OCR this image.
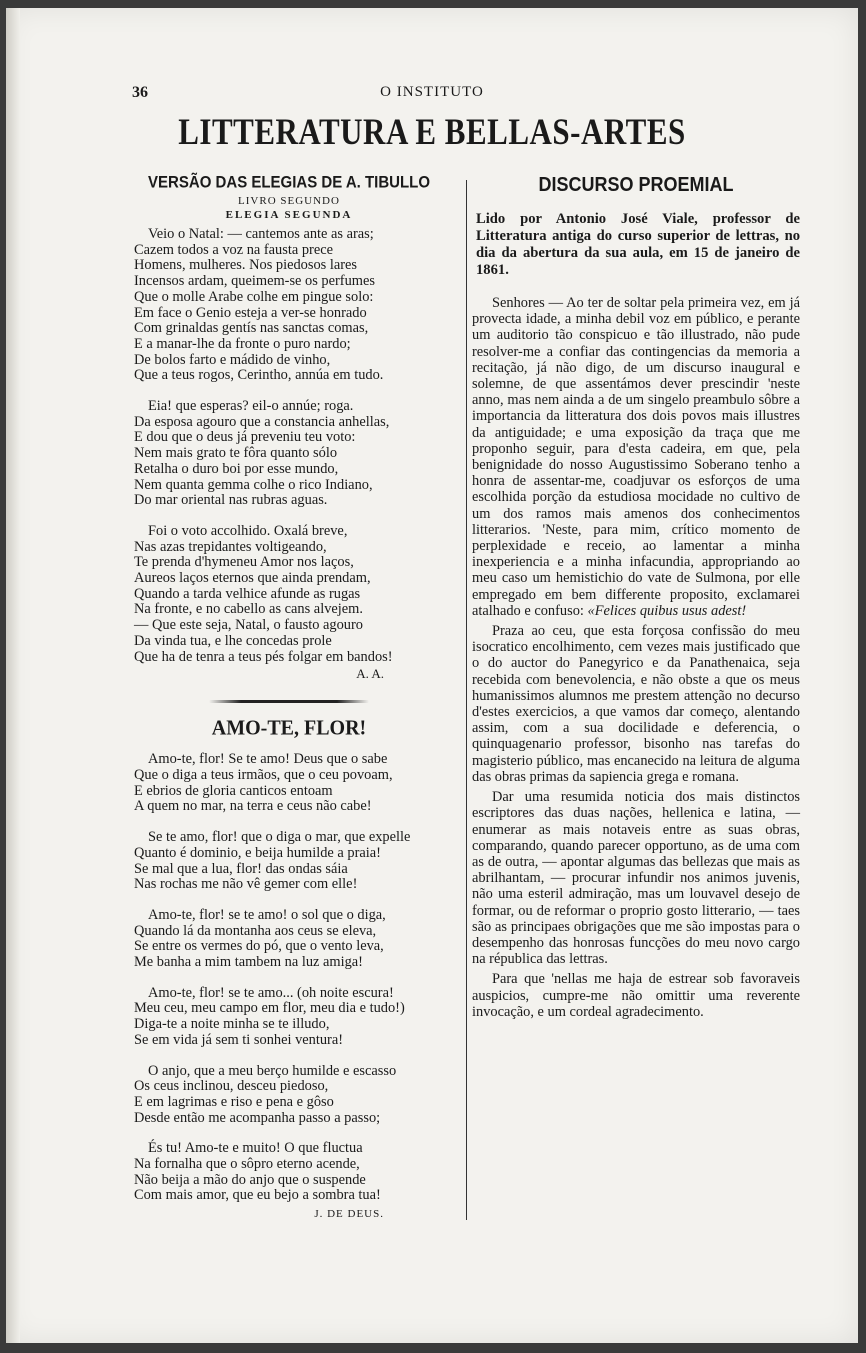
36	O INSTITUTO
LITTERATURA E BELLAS-ARTES
VERSÃO DAS ELEGIAS DE A. TIBULLO
LIVRO SEGUNDO
ELEGIA SEGUNDA

Veio o Natal: — cantemos ante as aras;

Cazem todos a voz na fausta prece

Homens, mulheres. Nos piedosos lares

Incensos ardam, queimem-se os perfumes

Que o molle Arabe colhe em pingue solo:

Em face o Genio esteja a ver-se honrado

Com grinaldas gentís nas sanctas comas,

E a manar-lhe da fronte o puro nardo;

De bolos farto e mádido de vinho,

Que a teus rogos, Cerintho, annúa em tudo.

Eia! que esperas? eil-o annúe; roga.

Da esposa agouro que a constancia anhellas,

E dou que o deus já preveniu teu voto:

Nem mais grato te fôra quanto sólo

Retalha o duro boi por esse mundo,

Nem quanta gemma colhe o rico Indiano,

Do mar oriental nas rubras aguas.

Foi o voto accolhido. Oxalá breve,

Nas azas trepidantes voltigeando,

Te prenda d'hymeneu Amor nos laços,

Aureos laços eternos que ainda prendam,

Quando a tarda velhice afunde as rugas

Na fronte, e no cabello as cans alvejem.

— Que este seja, Natal, o fausto agouro

Da vinda tua, e lhe concedas prole

Que ha de tenra a teus pés folgar em bandos!

A. A.
AMO-TE, FLOR!

Amo-te, flor! Se te amo! Deus que o sabe

Que o diga a teus irmãos, que o ceu povoam,

E ebrios de gloria canticos entoam

A quem no mar, na terra e ceus não cabe!

Se te amo, flor! que o diga o mar, que expelle

Quanto é dominio, e beija humilde a praia!

Se mal que a lua, flor! das ondas sáia

Nas rochas me não vê gemer com elle!

Amo-te, flor! se te amo! o sol que o diga,

Quando lá da montanha aos ceus se eleva,

Se entre os vermes do pó, que o vento leva,

Me banha a mim tambem na luz amiga!

Amo-te, flor! se te amo... (oh noite escura!

Meu ceu, meu campo em flor, meu dia e tudo!)

Diga-te a noite minha se te illudo,

Se em vida já sem ti sonhei ventura!

O anjo, que a meu berço humilde e escasso

Os ceus inclinou, desceu piedoso,

E em lagrimas e riso e pena e gôso

Desde então me acompanha passo a passo;

És tu! Amo-te e muito! O que fluctua

Na fornalha que o sôpro eterno acende,

Não beija a mão do anjo que o suspende

Com mais amor, que eu bejo a sombra tua!

J. DE DEUS.
DISCURSO PROEMIAL

Lido por Antonio José Viale, professor de Litteratura antiga do curso superior de lettras, no dia da abertura da sua aula, em 15 de janeiro de 1861.

Senhores — Ao ter de soltar pela primeira vez, em já provecta idade, a minha debil voz em público, e perante um auditorio tão conspicuo e tão illustrado, não pude resolver-me a confiar das contingencias da memoria a recitação, já não digo, de um discurso inaugural e solemne, de que assentámos dever prescindir 'neste anno, mas nem ainda a de um singelo preambulo sôbre a importancia da litteratura dos dois povos mais illustres da antiguidade; e uma exposição da traça que me proponho seguir, para d'esta cadeira, em que, pela benignidade do nosso Augustissimo Soberano tenho a honra de assentar-me, coadjuvar os esforços de uma escolhida porção da estudiosa mocidade no cultivo de um dos ramos mais amenos dos conhecimentos litterarios. 'Neste, para mim, crítico momento de perplexidade e receio, ao lamentar a minha inexperiencia e a minha infacundia, appropriando ao meu caso um hemistichio do vate de Sulmona, por elle empregado em bem differente proposito, exclamarei atalhado e confuso: «Felices quibus usus adest!

Praza ao ceu, que esta forçosa confissão do meu isocratico encolhimento, cem vezes mais justificado que o do auctor do Panegyrico e da Panathenaica, seja recebida com benevolencia, e não obste a que os meus humanissimos alumnos me prestem attenção no decurso d'estes exercicios, a que vamos dar começo, alentando assim, com a sua docilidade e deferencia, o quinquagenario professor, bisonho nas tarefas do magisterio público, mas encanecido na leitura de alguma das obras primas da sapiencia grega e romana.

Dar uma resumida noticia dos mais distinctos escriptores das duas nações, hellenica e latina, — enumerar as mais notaveis entre as suas obras, comparando, quando parecer opportuno, as de uma com as de outra, — apontar algumas das bellezas que mais as abrilhantam, — procurar infundir nos animos juvenis, não uma esteril admiração, mas um louvavel desejo de formar, ou de reformar o proprio gosto litterario, — taes são as principaes obrigações que me são impostas para o desempenho das honrosas funcções do meu novo cargo na républica das lettras.

Para que 'nellas me haja de estrear sob favoraveis auspicios, cumpre-me não omittir uma reverente invocação, e um cordeal agradecimento.
